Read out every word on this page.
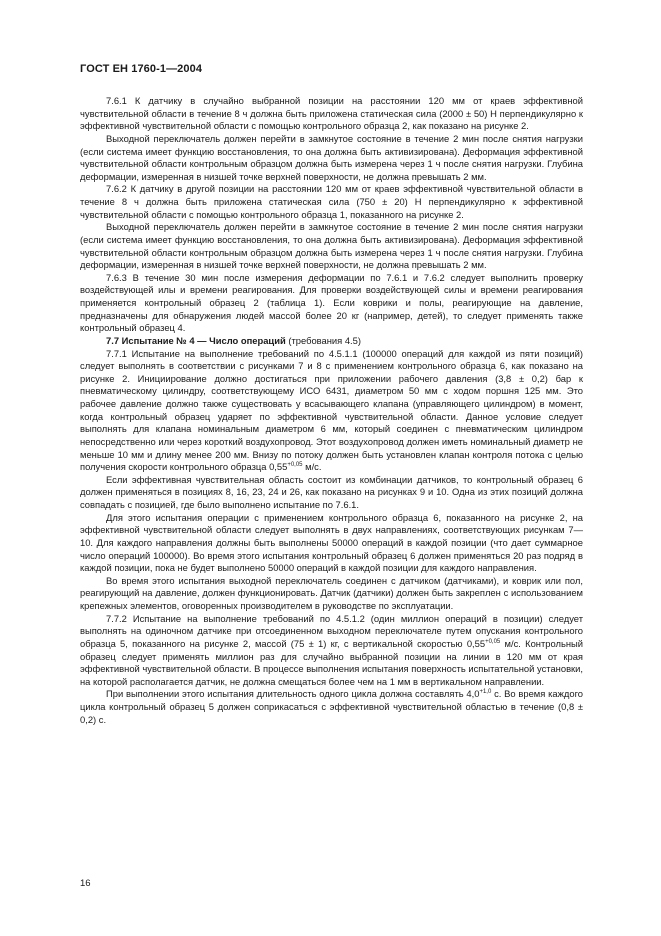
ГОСТ ЕН 1760-1—2004

7.6.1 К датчику в случайно выбранной позиции на расстоянии 120 мм от краев эффективной чувствительной области в течение 8 ч должна быть приложена статическая сила (2000 ± 50) Н перпендикулярно к эффективной чувствительной области с помощью контрольного образца 2, как показано на рисунке 2.

Выходной переключатель должен перейти в замкнутое состояние в течение 2 мин после снятия нагрузки (если система имеет функцию восстановления, то она должна быть активизирована). Деформация эффективной чувствительной области контрольным образцом должна быть измерена через 1 ч после снятия нагрузки. Глубина деформации, измеренная в низшей точке верхней поверхности, не должна превышать 2 мм.

7.6.2 К датчику в другой позиции на расстоянии 120 мм от краев эффективной чувствительной области в течение 8 ч должна быть приложена статическая сила (750 ± 20) Н перпендикулярно к эффективной чувствительной области с помощью контрольного образца 1, показанного на рисунке 2.

Выходной переключатель должен перейти в замкнутое состояние в течение 2 мин после снятия нагрузки (если система имеет функцию восстановления, то она должна быть активизирована). Деформация эффективной чувствительной области контрольным образцом должна быть измерена через 1 ч после снятия нагрузки. Глубина деформации, измеренная в низшей точке верхней поверхности, не должна превышать 2 мм.

7.6.3 В течение 30 мин после измерения деформации по 7.6.1 и 7.6.2 следует выполнить проверку воздействующей илы и времени реагирования. Для проверки воздействующей силы и времени реагирования применяется контрольный образец 2 (таблица 1). Если коврики и полы, реагирующие на давление, предназначены для обнаружения людей массой более 20 кг (например, детей), то следует применять также контрольный образец 4.

7.7 Испытание № 4 — Число операций (требования 4.5)

7.7.1 Испытание на выполнение требований по 4.5.1.1 (100000 операций для каждой из пяти позиций) следует выполнять в соответствии с рисунками 7 и 8 с применением контрольного образца 6, как показано на рисунке 2. Инициирование должно достигаться при приложении рабочего давления (3,8 ± 0,2) бар к пневматическому цилиндру, соответствующему ИСО 6431, диаметром 50 мм с ходом поршня 125 мм. Это рабочее давление должно также существовать у всасывающего клапана (управляющего цилиндром) в момент, когда контрольный образец ударяет по эффективной чувствительной области. Данное условие следует выполнять для клапана номинальным диаметром 6 мм, который соединен с пневматическим цилиндром непосредственно или через короткий воздухопровод. Этот воздухопровод должен иметь номинальный диаметр не меньше 10 мм и длину менее 200 мм. Внизу по потоку должен быть установлен клапан контроля потока с целью получения скорости контрольного образца $0,55^{+0,05}$ м/с.

Если эффективная чувствительная область состоит из комбинации датчиков, то контрольный образец 6 должен применяться в позициях 8, 16, 23, 24 и 26, как показано на рисунках 9 и 10. Одна из этих позиций должна совпадать с позицией, где было выполнено испытание по 7.6.1.

Для этого испытания операции с применением контрольного образца 6, показанного на рисунке 2, на эффективной чувствительной области следует выполнять в двух направлениях, соответствующих рисункам 7—10. Для каждого направления должны быть выполнены 50000 операций в каждой позиции (что дает суммарное число операций 100000). Во время этого испытания контрольный образец 6 должен применяться 20 раз подряд в каждой позиции, пока не будет выполнено 50000 операций в каждой позиции для каждого направления.

Во время этого испытания выходной переключатель соединен с датчиком (датчиками), и коврик или пол, реагирующий на давление, должен функционировать. Датчик (датчики) должен быть закреплен с использованием крепежных элементов, оговоренных производителем в руководстве по эксплуатации.

7.7.2 Испытание на выполнение требований по 4.5.1.2 (один миллион операций в позиции) следует выполнять на одиночном датчике при отсоединенном выходном переключателе путем опускания контрольного образца 5, показанного на рисунке 2, массой (75 ± 1) кг, с вертикальной скоростью $0,55^{+0,05}$ м/с. Контрольный образец следует применять миллион раз для случайно выбранной позиции на линии в 120 мм от края эффективной чувствительной области. В процессе выполнения испытания поверхность испытательной установки, на которой располагается датчик, не должна смещаться более чем на 1 мм в вертикальном направлении.

При выполнении этого испытания длительность одного цикла должна составлять $4,0^{+1,0}$ с. Во время каждого цикла контрольный образец 5 должен соприкасаться с эффективной чувствительной областью в течение (0,8 ± 0,2) с.

16
